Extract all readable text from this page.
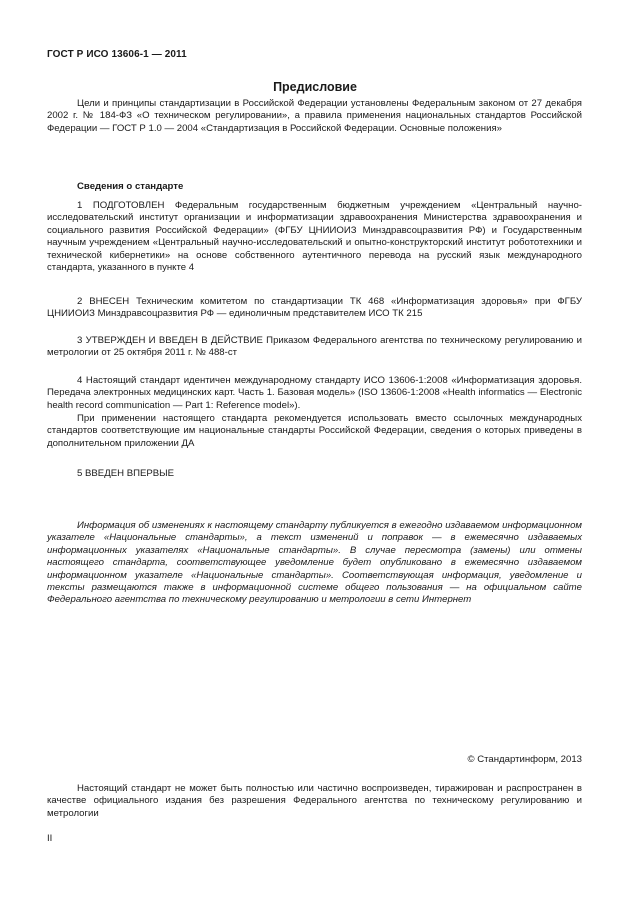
ГОСТ Р ИСО 13606-1 — 2011
Предисловие

Цели и принципы стандартизации в Российской Федерации установлены Федеральным законом от 27 декабря 2002 г. № 184-ФЗ «О техническом регулировании», а правила применения национальных стандартов Российской Федерации — ГОСТ Р 1.0 — 2004 «Стандартизация в Российской Федерации. Основные положения»

Сведения о стандарте

1 ПОДГОТОВЛЕН Федеральным государственным бюджетным учреждением «Центральный научно-исследовательский институт организации и информатизации здравоохранения Министерства здравоохранения и социального развития Российской Федерации» (ФГБУ ЦНИИОИЗ Минздравсоцразвития РФ) и Государственным научным учреждением «Центральный научно-исследовательский и опытно-конструкторский институт робототехники и технической кибернетики» на основе собственного аутентичного перевода на русский язык международного стандарта, указанного в пункте 4

2 ВНЕСЕН Техническим комитетом по стандартизации ТК 468 «Информатизация здоровья» при ФГБУ ЦНИИОИЗ Минздравсоцразвития РФ — единоличным представителем ИСО ТК 215

3 УТВЕРЖДЕН И ВВЕДЕН В ДЕЙСТВИЕ Приказом Федерального агентства по техническому регулированию и метрологии от 25 октября 2011 г. № 488-ст

4 Настоящий стандарт идентичен международному стандарту ИСО 13606-1:2008 «Информатизация здоровья. Передача электронных медицинских карт. Часть 1. Базовая модель» (ISO 13606-1:2008 «Health informatics — Electronic health record communication — Part 1: Reference model»).

При применении настоящего стандарта рекомендуется использовать вместо ссылочных международных стандартов соответствующие им национальные стандарты Российской Федерации, сведения о которых приведены в дополнительном приложении ДА

5 ВВЕДЕН ВПЕРВЫЕ

Информация об изменениях к настоящему стандарту публикуется в ежегодно издаваемом информационном указателе «Национальные стандарты», а текст изменений и поправок — в ежемесячно издаваемых информационных указателях «Национальные стандарты». В случае пересмотра (замены) или отмены настоящего стандарта, соответствующее уведомление будет опубликовано в ежемесячно издаваемом информационном указателе «Национальные стандарты». Соответствующая информация, уведомление и тексты размещаются также в информационной системе общего пользования — на официальном сайте Федерального агентства по техническому регулированию и метрологии в сети Интернет

© Стандартинформ, 2013

Настоящий стандарт не может быть полностью или частично воспроизведен, тиражирован и распространен в качестве официального издания без разрешения Федерального агентства по техническому регулированию и метрологии

II
